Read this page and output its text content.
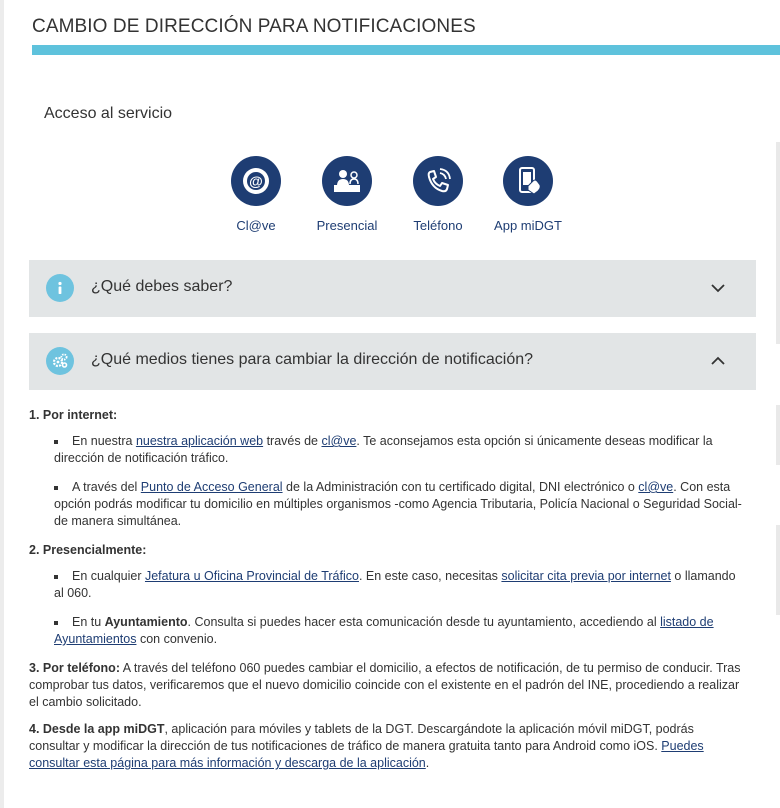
CAMBIO DE DIRECCIÓN PARA NOTIFICACIONES
Acceso al servicio
@
Cl@ve	Presencial	Teléfono	App miDGT
¿Qué debes saber?
¿Qué medios tienes para cambiar la dirección de notificación?

1. Por internet:

En nuestra nuestra aplicación web través de cl@ve. Te aconsejamos esta opción si únicamente deseas modificar la dirección de notificación tráfico.
A través del Punto de Acceso General de la Administración con tu certificado digital, DNI electrónico o cl@ve. Con esta opción podrás modificar tu domicilio en múltiples organismos -como Agencia Tributaria, Policía Nacional o Seguridad Social- de manera simultánea.

2. Presencialmente:

En cualquier Jefatura u Oficina Provincial de Tráfico. En este caso, necesitas solicitar cita previa por internet o llamando al 060.
En tu Ayuntamiento. Consulta si puedes hacer esta comunicación desde tu ayuntamiento, accediendo al listado de Ayuntamientos con convenio.

3. Por teléfono: A través del teléfono 060 puedes cambiar el domicilio, a efectos de notificación, de tu permiso de conducir. Tras comprobar tus datos, verificaremos que el nuevo domicilio coincide con el existente en el padrón del INE, procediendo a realizar el cambio solicitado.

4. Desde la app miDGT, aplicación para móviles y tablets de la DGT. Descargándote la aplicación móvil miDGT, podrás consultar y modificar la dirección de tus notificaciones de tráfico de manera gratuita tanto para Android como iOS. Puedes consultar esta página para más información y descarga de la aplicación.
